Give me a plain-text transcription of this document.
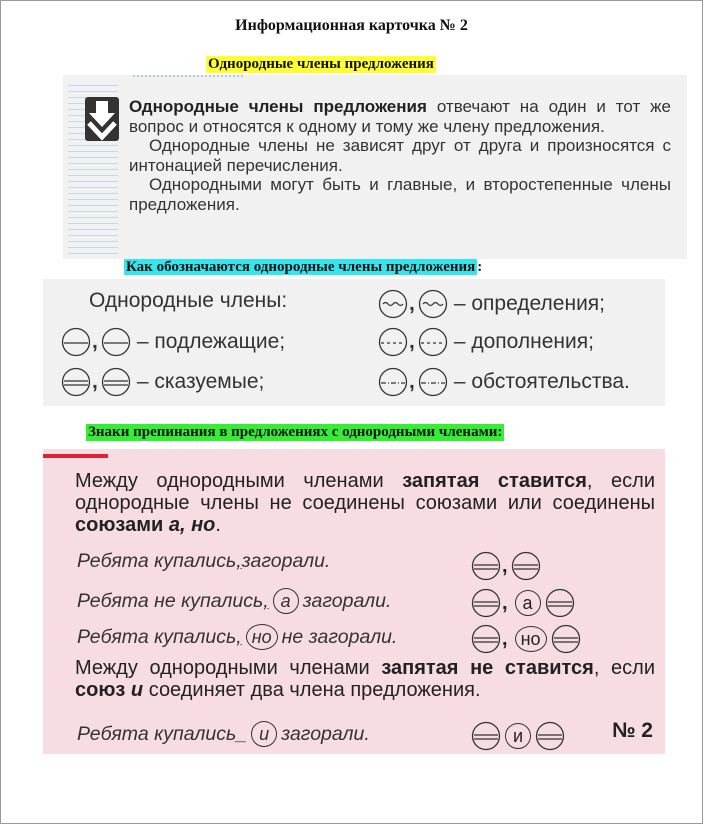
Информационная карточка № 2
Однородные члены предложения

Однородные члены предложения отвечают на один и тот же вопрос и относятся к одному и тому же члену предложения.

Однородные члены не зависят друг от друга и произносятся с интонацией перечисления.

Однородными могут быть и главные, и второстепенные члены предложения.

Как обозначаются однородные члены предложения :
Однородные члены:	, – определения;
, – подлежащие;	, – дополнения;
, – сказуемые;	, – обстоятельства.
Знаки препинания в предложениях с однородными членами:
Между однородными членами запятая ставится, если однородные члены не соединены союзами или соединены союзами а, но.
Ребята купались , загорали.	,
Ребята не купались , а загорали.	, а
Ребята купались , но не загорали.	, но
Между однородными членами запятая не ставится, если союз и соединяет два члена предложения.
Ребята купались _ и загорали.	и	№ 2
